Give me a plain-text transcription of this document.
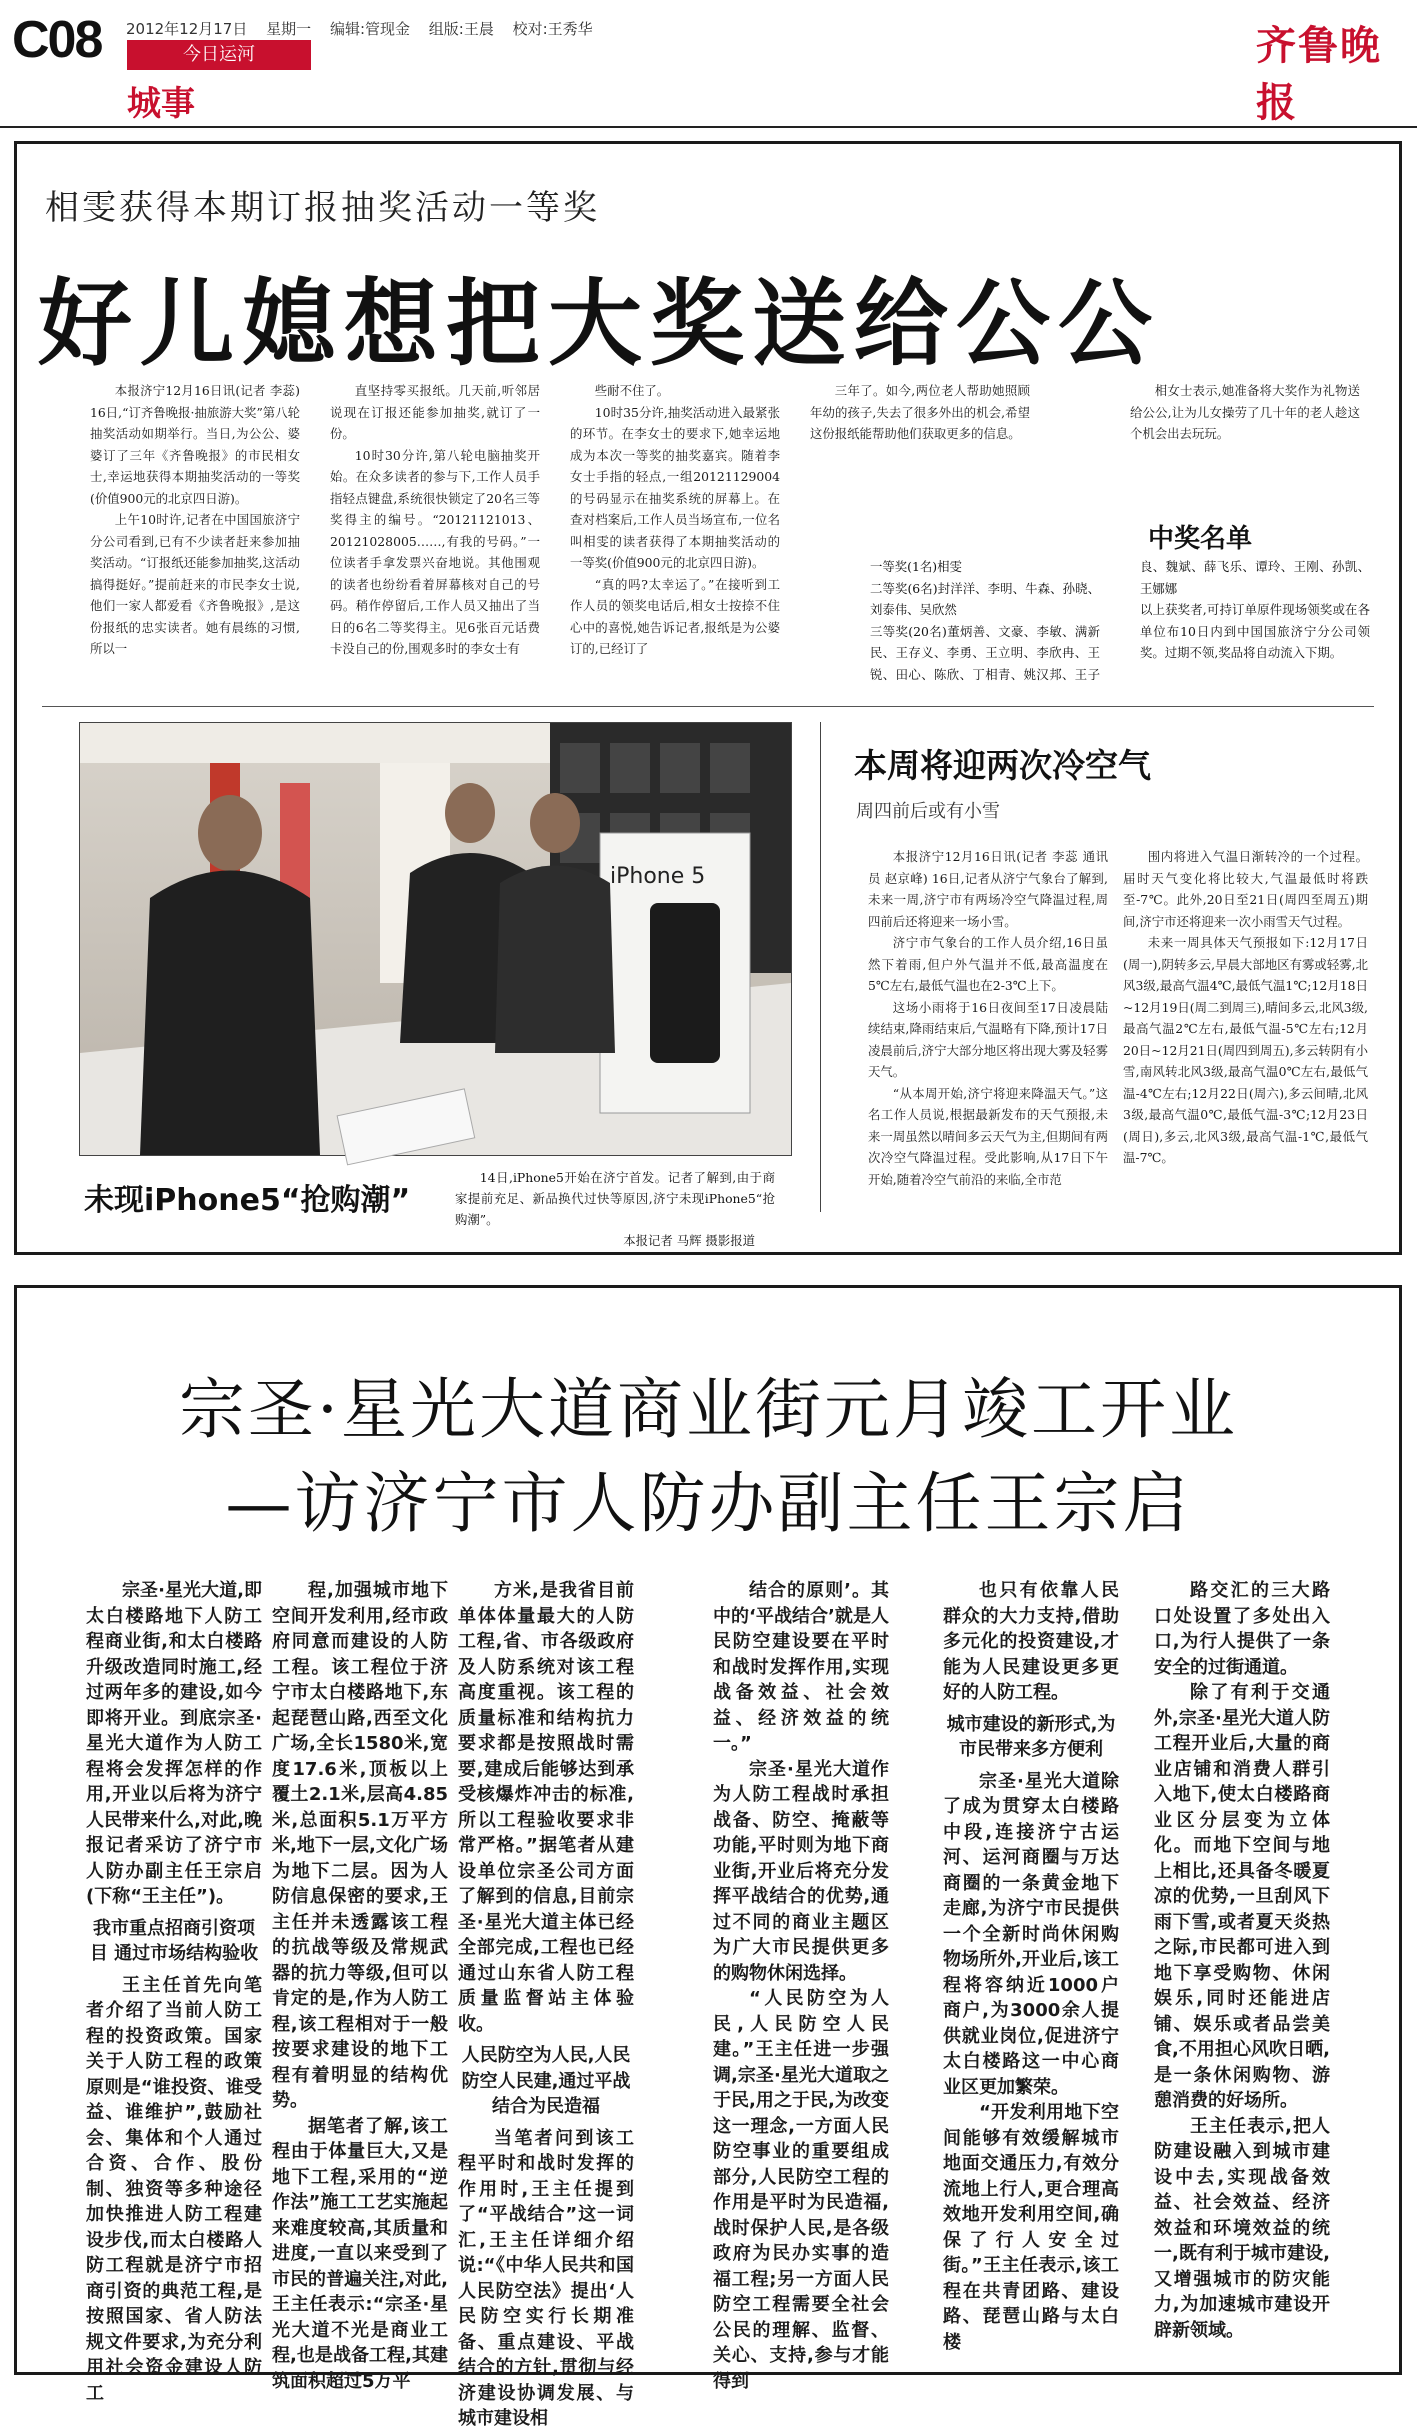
C08 2012年12月17日 星期一 编辑:管现金 组版:王晨 校对:王秀华
今日运河
城事
齐鲁晚报
相雯获得本期订报抽奖活动一等奖
好儿媳想把大奖送给公公

本报济宁12月16日讯(记者 李蕊) 16日,“订齐鲁晚报·抽旅游大奖”第八轮抽奖活动如期举行。当日,为公公、婆婆订了三年《齐鲁晚报》的市民相女士,幸运地获得本期抽奖活动的一等奖(价值900元的北京四日游)。

上午10时许,记者在中国国旅济宁分公司看到,已有不少读者赶来参加抽奖活动。“订报纸还能参加抽奖,这活动搞得挺好。”提前赶来的市民李女士说,他们一家人都爱看《齐鲁晚报》,是这份报纸的忠实读者。她有晨练的习惯,所以一

直坚持零买报纸。几天前,听邻居说现在订报还能参加抽奖,就订了一份。

10时30分许,第八轮电脑抽奖开始。在众多读者的参与下,工作人员手指轻点键盘,系统很快锁定了20名三等奖得主的编号。“20121121013、20121028005……,有我的号码。”一位读者手拿发票兴奋地说。其他围观的读者也纷纷看着屏幕核对自己的号码。稍作停留后,工作人员又抽出了当日的6名二等奖得主。见6张百元话费卡没自己的份,围观多时的李女士有

些耐不住了。

10时35分许,抽奖活动进入最紧张的环节。在李女士的要求下,她幸运地成为本次一等奖的抽奖嘉宾。随着李女士手指的轻点,一组20121129004的号码显示在抽奖系统的屏幕上。在查对档案后,工作人员当场宣布,一位名叫相雯的读者获得了本期抽奖活动的一等奖(价值900元的北京四日游)。

“真的吗?太幸运了。”在接听到工作人员的领奖电话后,相女士按捺不住心中的喜悦,她告诉记者,报纸是为公婆订的,已经订了

三年了。如今,两位老人帮助她照顾年幼的孩子,失去了很多外出的机会,希望这份报纸能帮助他们获取更多的信息。

相女士表示,她准备将大奖作为礼物送给公公,让为儿女操劳了几十年的老人趁这个机会出去玩玩。

中奖名单

一等奖(1名)相雯

二等奖(6名)封洋洋、李明、牛森、孙晓、刘泰伟、吴欣然

三等奖(20名)董炳善、文豪、李敏、满新民、王存义、李勇、王立明、李欣冉、王锐、田心、陈欣、丁相青、姚汉邦、王子良、魏斌、薛飞乐、谭玲、王刚、孙凯、王娜娜

以上获奖者,可持订单原件现场领奖或在各单位布10日内到中国国旅济宁分公司领奖。过期不领,奖品将自动流入下期。

iPhone 5
未现iPhone5“抢购潮”

14日,iPhone5开始在济宁首发。记者了解到,由于商家提前充足、新品换代过快等原因,济宁未现iPhone5“抢购潮”。

本报记者 马辉 摄影报道
本周将迎两次冷空气
周四前后或有小雪

本报济宁12月16日讯(记者 李蕊 通讯员 赵京峰) 16日,记者从济宁气象台了解到,未来一周,济宁市有两场冷空气降温过程,周四前后还将迎来一场小雪。

济宁市气象台的工作人员介绍,16日虽然下着雨,但户外气温并不低,最高温度在5℃左右,最低气温也在2-3℃上下。

这场小雨将于16日夜间至17日凌晨陆续结束,降雨结束后,气温略有下降,预计17日凌晨前后,济宁大部分地区将出现大雾及轻雾天气。

“从本周开始,济宁将迎来降温天气。”这名工作人员说,根据最新发布的天气预报,未来一周虽然以晴间多云天气为主,但期间有两次冷空气降温过程。受此影响,从17日下午开始,随着冷空气前沿的来临,全市范

围内将进入气温日渐转冷的一个过程。届时天气变化将比较大,气温最低时将跌至-7℃。此外,20日至21日(周四至周五)期间,济宁市还将迎来一次小雨雪天气过程。

未来一周具体天气预报如下:12月17日(周一),阴转多云,早晨大部地区有雾或轻雾,北风3级,最高气温4℃,最低气温1℃;12月18日~12月19日(周二到周三),晴间多云,北风3级,最高气温2℃左右,最低气温-5℃左右;12月20日~12月21日(周四到周五),多云转阴有小雪,南风转北风3级,最高气温0℃左右,最低气温-4℃左右;12月22日(周六),多云间晴,北风3级,最高气温0℃,最低气温-3℃;12月23日(周日),多云,北风3级,最高气温-1℃,最低气温-7℃。

宗圣·星光大道商业街元月竣工开业
—访济宁市人防办副主任王宗启

宗圣·星光大道,即太白楼路地下人防工程商业街,和太白楼路升级改造同时施工,经过两年多的建设,如今即将开业。到底宗圣·星光大道作为人防工程将会发挥怎样的作用,开业以后将为济宁人民带来什么,对此,晚报记者采访了济宁市人防办副主任王宗启(下称“王主任”)。

我市重点招商引资项目 通过市场结构验收

王主任首先向笔者介绍了当前人防工程的投资政策。国家关于人防工程的政策原则是“谁投资、谁受益、谁维护”,鼓励社会、集体和个人通过合资、合作、股份制、独资等多种途径加快推进人防工程建设步伐,而太白楼路人防工程就是济宁市招商引资的典范工程,是按照国家、省人防法规文件要求,为充分利用社会资金建设人防工

程,加强城市地下空间开发利用,经市政府同意而建设的人防工程。该工程位于济宁市太白楼路地下,东起琵琶山路,西至文化广场,全长1580米,宽度17.6米,顶板以上覆土2.1米,层高4.85米,总面积5.1万平方米,地下一层,文化广场为地下二层。因为人防信息保密的要求,王主任并未透露该工程的抗战等级及常规武器的抗力等级,但可以肯定的是,作为人防工程,该工程相对于一般按要求建设的地下工程有着明显的结构优势。

据笔者了解,该工程由于体量巨大,又是地下工程,采用的“逆作法”施工工艺实施起来难度较高,其质量和进度,一直以来受到了市民的普遍关注,对此,王主任表示:“宗圣·星光大道不光是商业工程,也是战备工程,其建筑面积超过5万平

方米,是我省目前单体体量最大的人防工程,省、市各级政府及人防系统对该工程高度重视。该工程的质量标准和结构抗力要求都是按照战时需要,建成后能够达到承受核爆炸冲击的标准,所以工程验收要求非常严格。”据笔者从建设单位宗圣公司方面了解到的信息,目前宗圣·星光大道主体已经全部完成,工程也已经通过山东省人防工程质量监督站主体验收。

人民防空为人民,人民防空人民建,通过平战结合为民造福

当笔者问到该工程平时和战时发挥的作用时,王主任提到了“平战结合”这一词汇,王主任详细介绍说:“《中华人民共和国人民防空法》提出‘人民防空实行长期准备、重点建设、平战结合的方针,贯彻与经济建设协调发展、与城市建设相

结合的原则’。其中的‘平战结合’就是人民防空建设要在平时和战时发挥作用,实现战备效益、社会效益、经济效益的统一。”

宗圣·星光大道作为人防工程战时承担战备、防空、掩蔽等功能,平时则为地下商业街,开业后将充分发挥平战结合的优势,通过不同的商业主题区为广大市民提供更多的购物休闲选择。

“人民防空为人民,人民防空人民建。”王主任进一步强调,宗圣·星光大道取之于民,用之于民,为改变这一理念,一方面人民防空事业的重要组成部分,人民防空工程的作用是平时为民造福,战时保护人民,是各级政府为民办实事的造福工程;另一方面人民防空工程需要全社会公民的理解、监督、关心、支持,参与才能得到

也只有依靠人民群众的大力支持,借助多元化的投资建设,才能为人民建设更多更好的人防工程。

城市建设的新形式,为市民带来多方便利

宗圣·星光大道除了成为贯穿太白楼路中段,连接济宁古运河、运河商圈与万达商圈的一条黄金地下走廊,为济宁市民提供一个全新时尚休闲购物场所外,开业后,该工程将容纳近1000户商户,为3000余人提供就业岗位,促进济宁太白楼路这一中心商业区更加繁荣。

“开发利用地下空间能够有效缓解城市地面交通压力,有效分流地上行人,更合理高效地开发利用空间,确保了行人安全过街。”王主任表示,该工程在共青团路、建设路、琵琶山路与太白楼

路交汇的三大路口处设置了多处出入口,为行人提供了一条安全的过街通道。

除了有利于交通外,宗圣·星光大道人防工程开业后,大量的商业店铺和消费人群引入地下,使太白楼路商业区分层变为立体化。而地下空间与地上相比,还具备冬暖夏凉的优势,一旦刮风下雨下雪,或者夏天炎热之际,市民都可进入到地下享受购物、休闲娱乐,同时还能进店铺、娱乐或者品尝美食,不用担心风吹日晒,是一条休闲购物、游憩消费的好场所。

王主任表示,把人防建设融入到城市建设中去,实现战备效益、社会效益、经济效益和环境效益的统一,既有利于城市建设,又增强城市的防灾能力,为加速城市建设开辟新领域。
